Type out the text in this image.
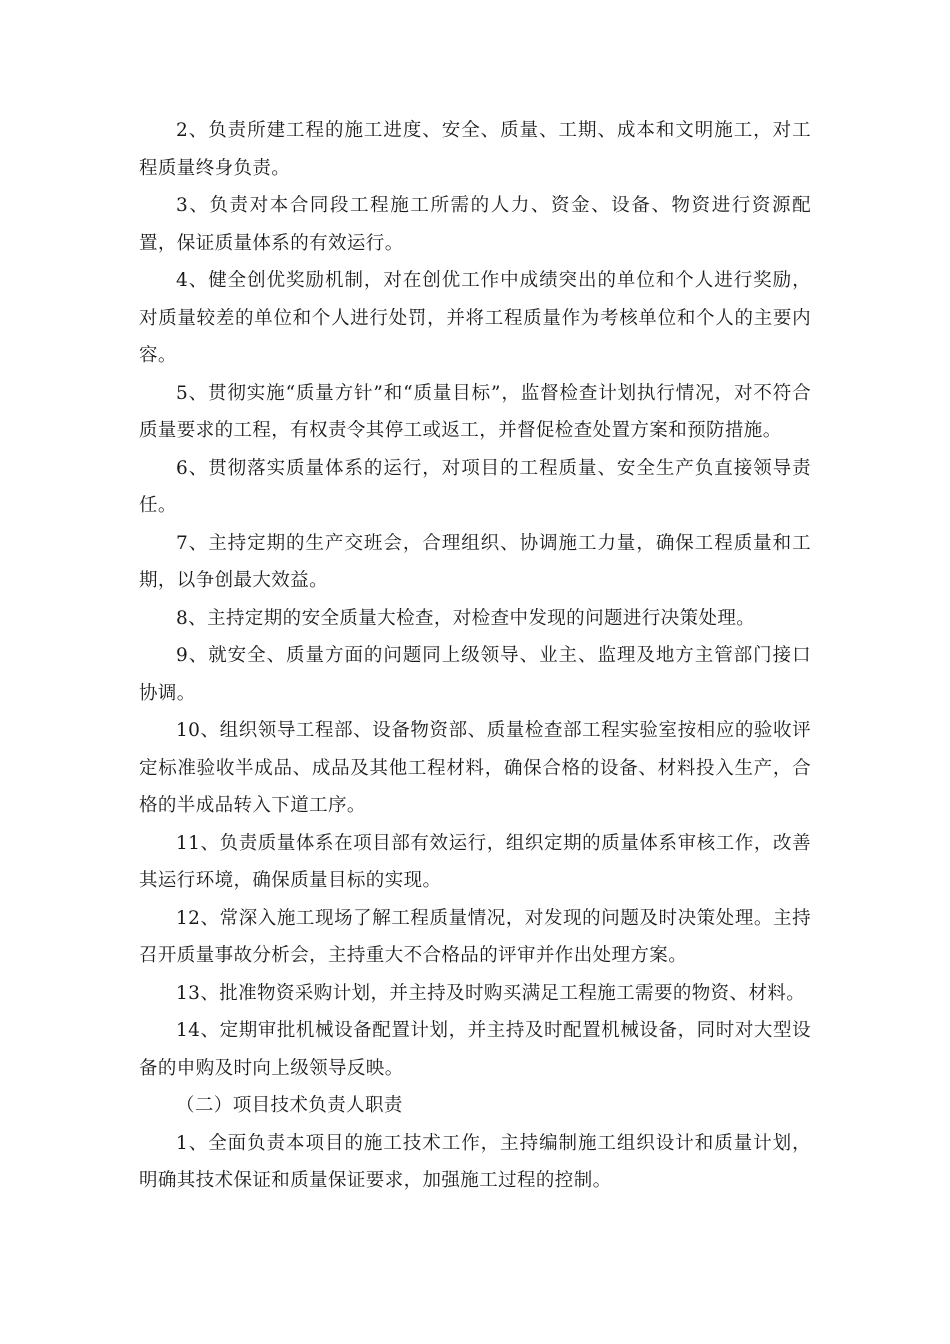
2、负责所建工程的施工进度、安全、质量、工期、成本和文明施工，对工程质量终身负责。

3、负责对本合同段工程施工所需的人力、资金、设备、物资进行资源配置，保证质量体系的有效运行。

4、健全创优奖励机制，对在创优工作中成绩突出的单位和个人进行奖励，对质量较差的单位和个人进行处罚，并将工程质量作为考核单位和个人的主要内容。

5、贯彻实施“质量方针”和“质量目标”，监督检查计划执行情况，对不符合质量要求的工程，有权责令其停工或返工，并督促检查处置方案和预防措施。

6、贯彻落实质量体系的运行，对项目的工程质量、安全生产负直接领导责任。

7、主持定期的生产交班会，合理组织、协调施工力量，确保工程质量和工期，以争创最大效益。

8、主持定期的安全质量大检查，对检查中发现的问题进行决策处理。

9、就安全、质量方面的问题同上级领导、业主、监理及地方主管部门接口协调。

10、组织领导工程部、设备物资部、质量检查部工程实验室按相应的验收评定标准验收半成品、成品及其他工程材料，确保合格的设备、材料投入生产，合格的半成品转入下道工序。

11、负责质量体系在项目部有效运行，组织定期的质量体系审核工作，改善其运行环境，确保质量目标的实现。

12、常深入施工现场了解工程质量情况，对发现的问题及时决策处理。主持召开质量事故分析会，主持重大不合格品的评审并作出处理方案。

13、批准物资采购计划，并主持及时购买满足工程施工需要的物资、材料。

14、定期审批机械设备配置计划，并主持及时配置机械设备，同时对大型设备的申购及时向上级领导反映。

（二）项目技术负责人职责

1、全面负责本项目的施工技术工作，主持编制施工组织设计和质量计划，明确其技术保证和质量保证要求，加强施工过程的控制。
